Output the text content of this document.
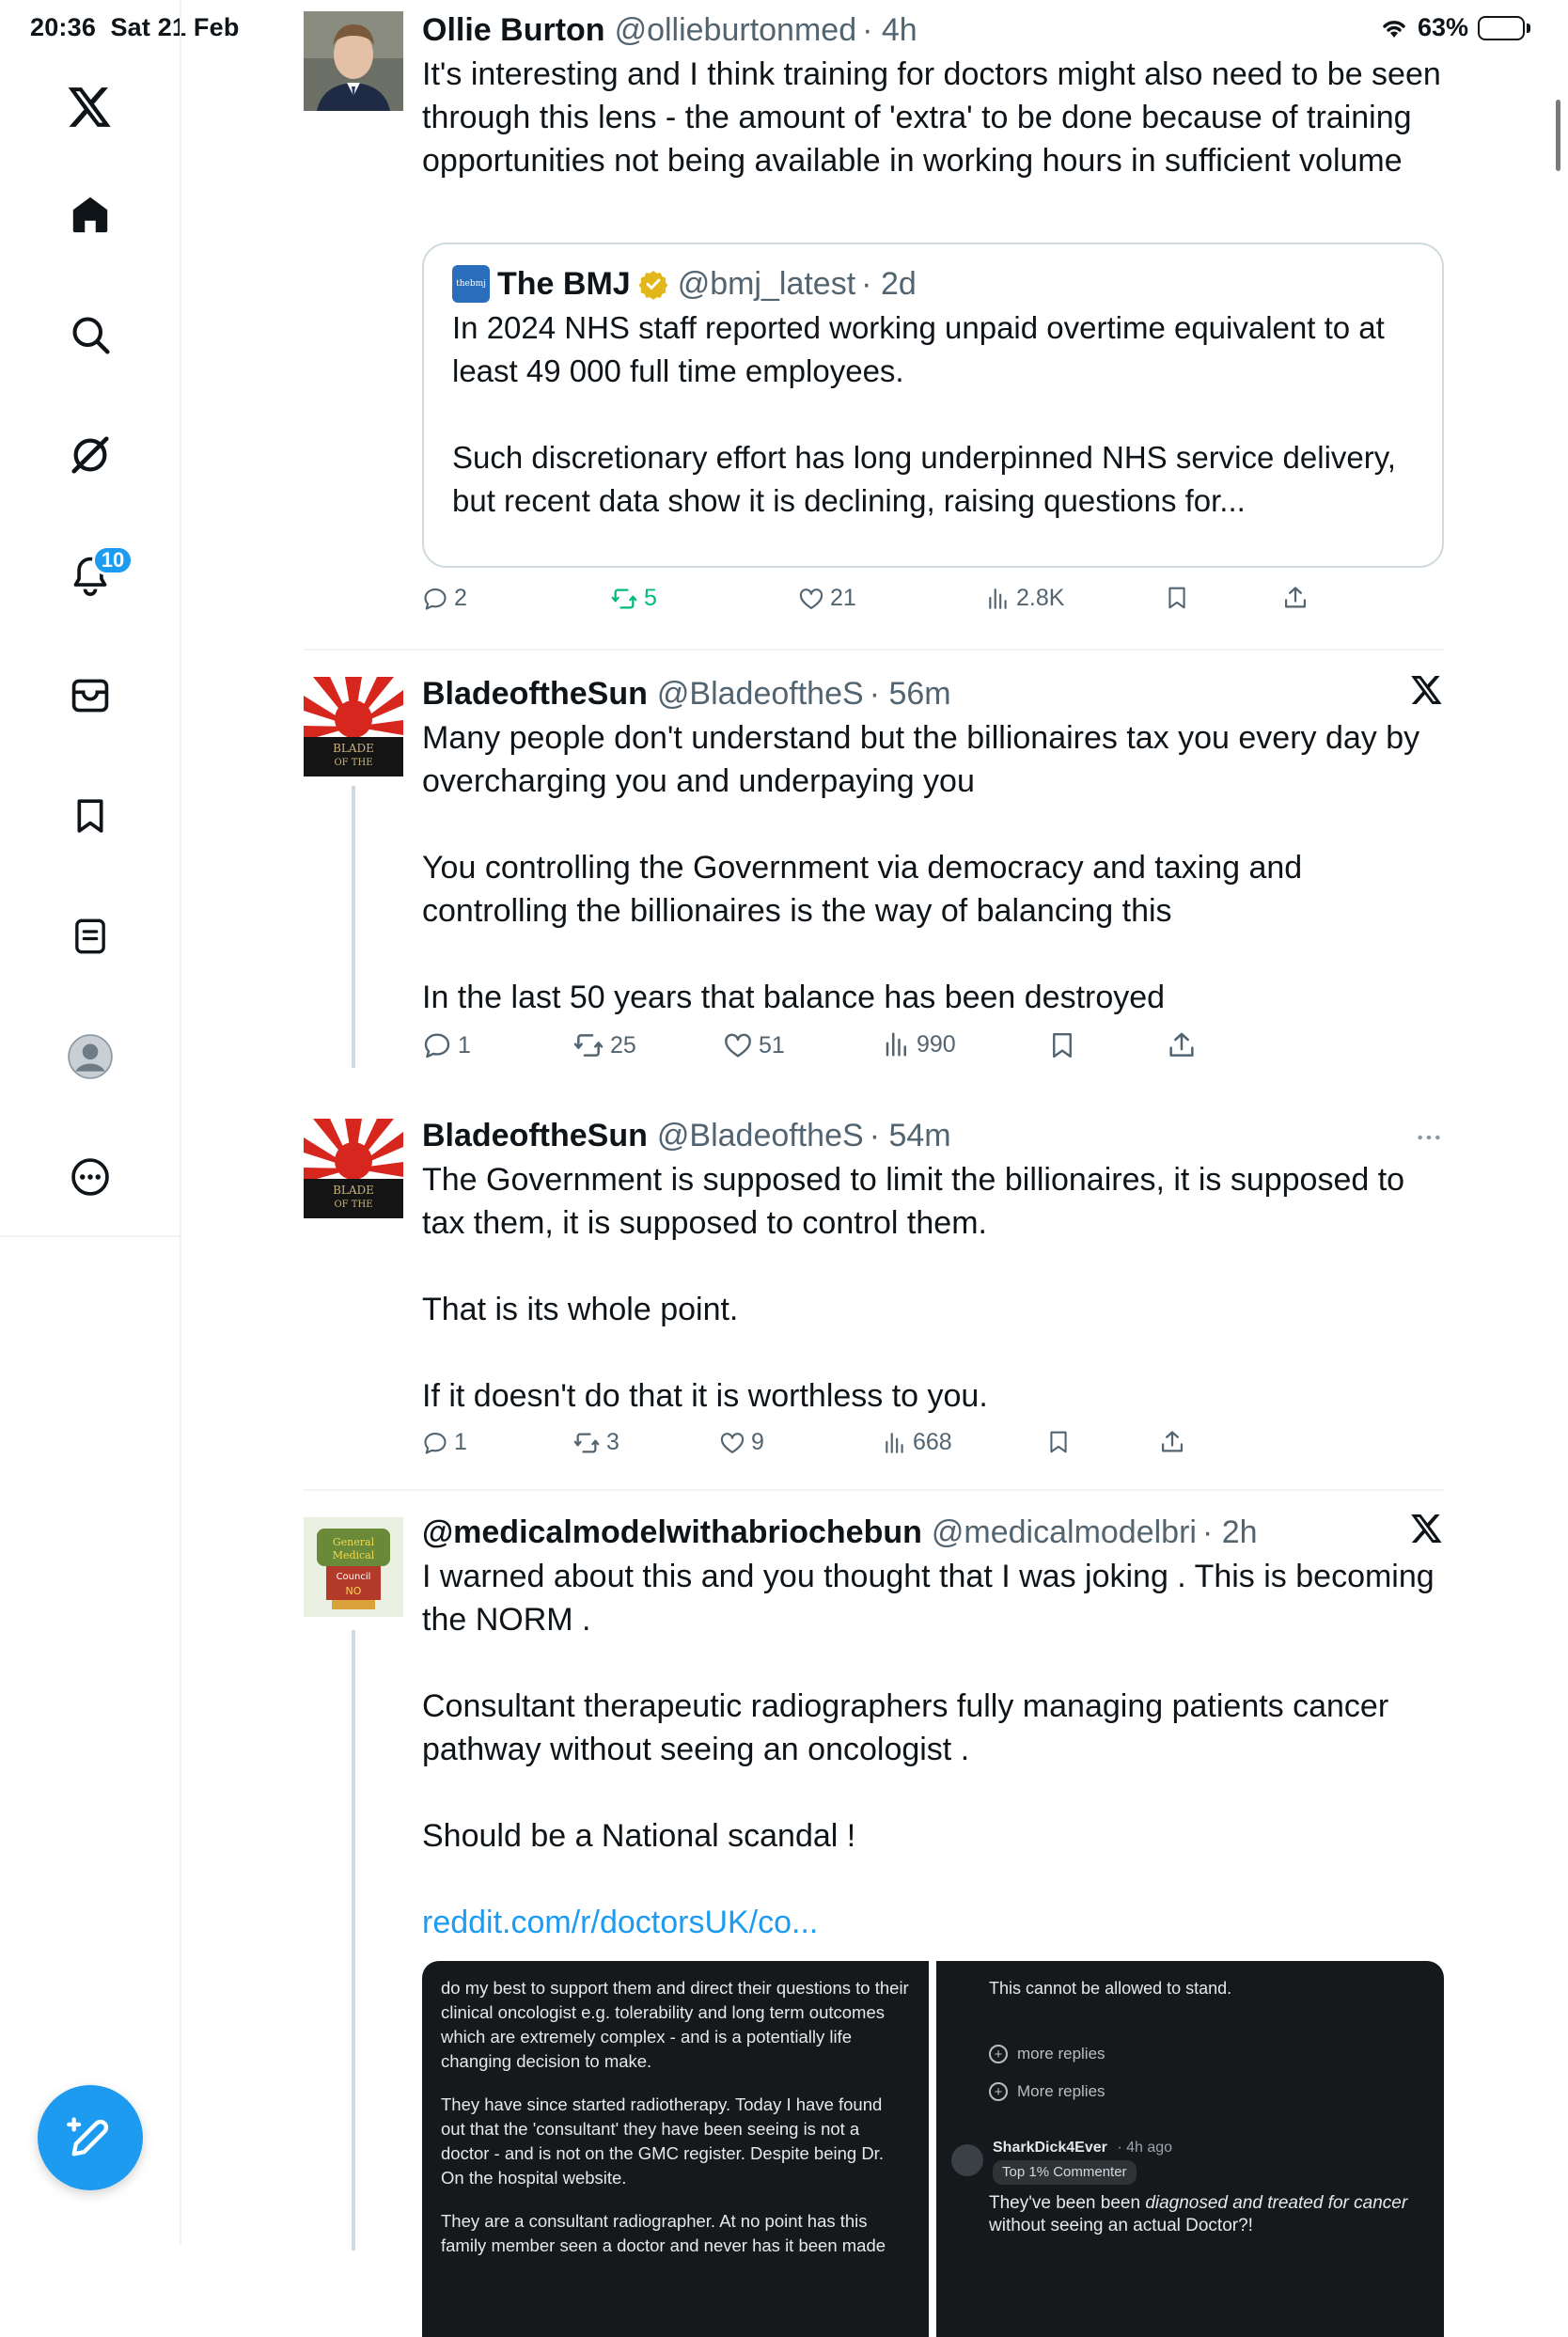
20:36 Sat 21 Feb	63%
10
Ollie Burton @ollieburtonmed · 4h

It's interesting and I think training for doctors might also need to be seen through this lens - the amount of 'extra' to be done because of training opportunities not being available in working hours in sufficient volume

thebmj The BMJ @bmj_latest · 2d

In 2024 NHS staff reported working unpaid overtime equivalent to at least 49 000 full time employees.

Such discretionary effort has long underpinned NHS service delivery, but recent data show it is declining, raising questions for...

2	5	21	2.8K
BLADE
OF THE
BladeoftheSun @BladeoftheS · 56m

Many people don't understand but the billionaires tax you every day by overcharging you and underpaying you

You controlling the Government via democracy and taxing and controlling the billionaires is the way of balancing this

In the last 50 years that balance has been destroyed

1	25	51	990
BLADE
OF THE
BladeoftheSun @BladeoftheS · 54m

The Government is supposed to limit the billionaires, it is supposed to tax them, it is supposed to control them.

That is its whole point.

If it doesn't do that it is worthless to you.

1	3	9	668
General
Medical
Council
NO
@medicalmodelwithabriochebun @medicalmodelbri · 2h

I warned about this and you thought that I was joking . This is becoming the NORM .

Consultant therapeutic radiographers fully managing patients cancer pathway without seeing an oncologist .

Should be a National scandal !

reddit.com/r/doctorsUK/co...

do my best to support them and direct their questions to their clinical oncologist e.g. tolerability and long term outcomes which are extremely complex - and is a potentially life changing decision to make.

They have since started radiotherapy. Today I have found out that the 'consultant' they have been seeing is not a doctor - and is not on the GMC register. Despite being Dr. On the hospital website.

They are a consultant radiographer. At no point has this family member seen a doctor and never has it been made

This cannot be allowed to stand.

+ more replies
+ More replies
SharkDick4Ever · 4h ago
Top 1% Commenter

They've been been diagnosed and treated for cancer without seeing an actual Doctor?!
